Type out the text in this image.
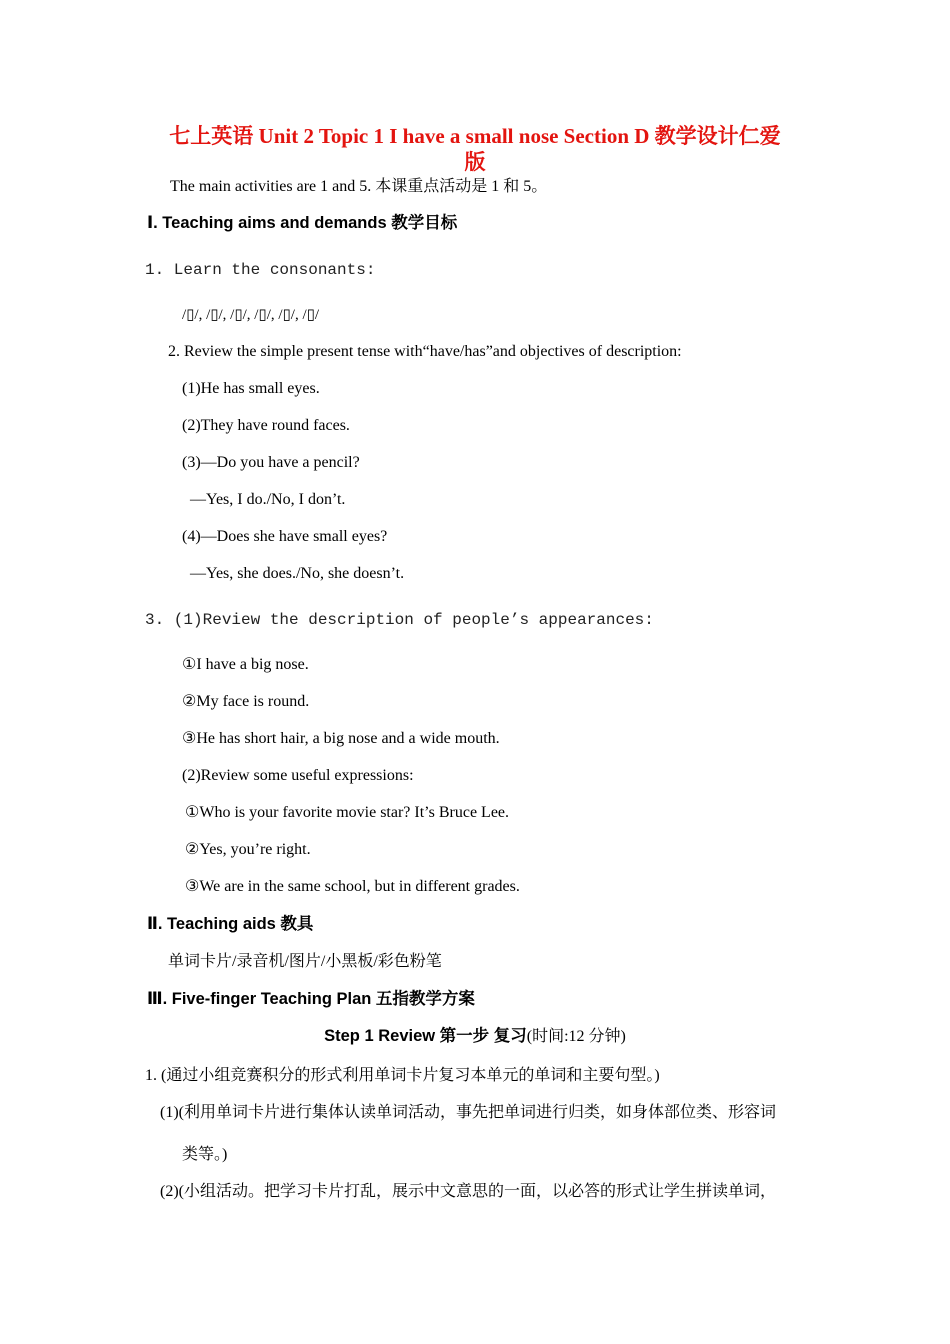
七上英语 Unit 2 Topic 1 I have a small nose Section D 教学设计仁爱
版
The main activities are 1 and 5. 本课重点活动是 1 和 5。
Ⅰ. Teaching aims and demands 教学目标
1. Learn the consonants:
/▯/, /▯/, /▯/, /▯/, /▯/, /▯/
2. Review the simple present tense with“have/has”and objectives of description:
(1)He has small eyes.
(2)They have round faces.
(3)—Do you have a pencil?
—Yes, I do./No, I don’t.
(4)—Does she have small eyes?
—Yes, she does./No, she doesn’t.
3. (1)Review the description of people’s appearances:
①I have a big nose.
②My face is round.
③He has short hair, a big nose and a wide mouth.
(2)Review some useful expressions:
①Who is your favorite movie star? It’s Bruce Lee.
②Yes, you’re right.
③We are in the same school, but in different grades.
Ⅱ. Teaching aids 教具
单词卡片/录音机/图片/小黑板/彩色粉笔
Ⅲ. Five-finger Teaching Plan 五指教学方案
Step 1 Review 第一步 复习(时间:12 分钟)
1. (通过小组竞赛积分的形式利用单词卡片复习本单元的单词和主要句型。)
(1)(利用单词卡片进行集体认读单词活动，事先把单词进行归类，如身体部位类、形容词
类等。)
(2)(小组活动。把学习卡片打乱，展示中文意思的一面，以必答的形式让学生拼读单词，
